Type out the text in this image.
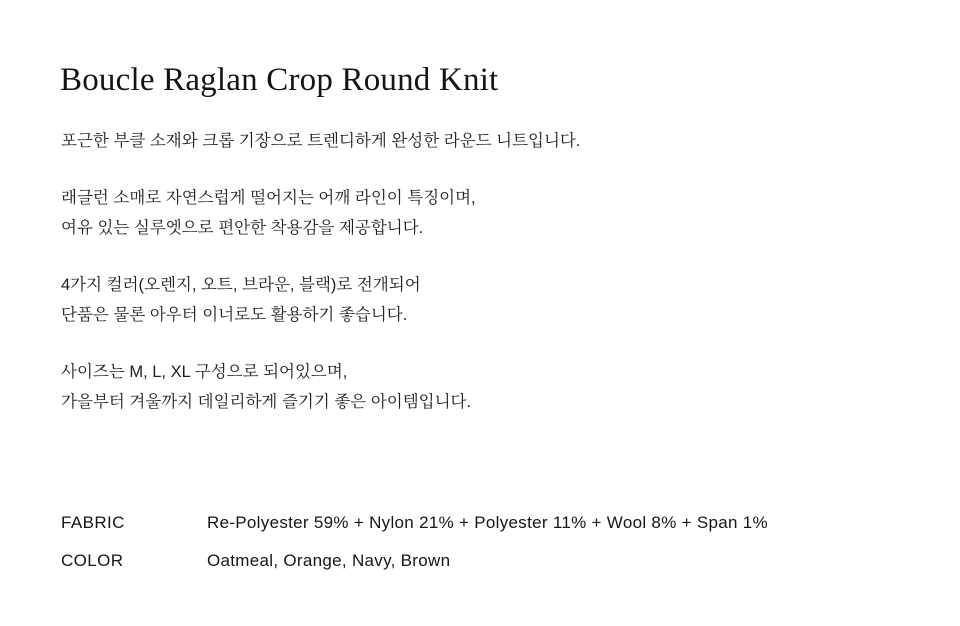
Boucle Raglan Crop Round Knit
포근한 부클 소재와 크롭 기장으로 트렌디하게 완성한 라운드 니트입니다.
래글런 소매로 자연스럽게 떨어지는 어깨 라인이 특징이며,
여유 있는 실루엣으로 편안한 착용감을 제공합니다.
4가지 컬러(오렌지, 오트, 브라운, 블랙)로 전개되어
단품은 물론 아우터 이너로도 활용하기 좋습니다.
사이즈는 M, L, XL 구성으로 되어있으며,
가을부터 겨울까지 데일리하게 즐기기 좋은 아이템입니다.
FABRIC	Re-Polyester 59% + Nylon 21% + Polyester 11% + Wool 8% + Span 1%
COLOR	Oatmeal, Orange, Navy, Brown
